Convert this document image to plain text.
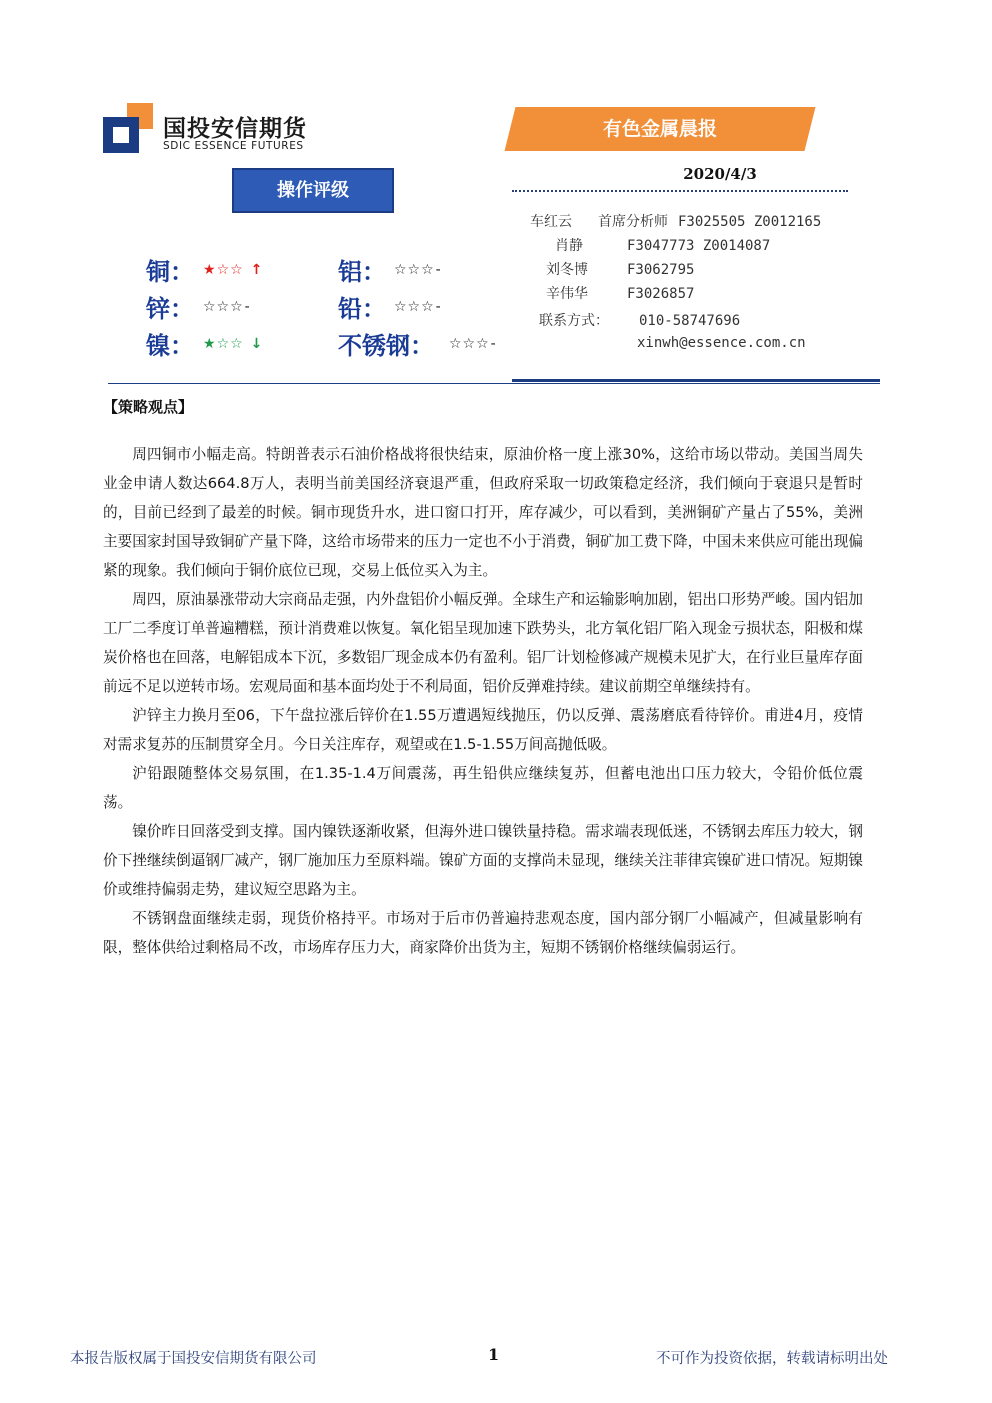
国投安信期货
SDIC ESSENCE FUTURES
有色金属晨报
2020/4/3
操作评级
铜： ★☆☆ ↑	铝： ☆☆☆-
锌： ☆☆☆-	铅： ☆☆☆-
镍： ★☆☆ ↓	不锈钢： ☆☆☆-
车红云 首席分析师 F3025505 Z0012165
肖静	F3047773 Z0014087
刘冬博	F3062795
辛伟华	F3026857
联系方式： 010-58747696
xinwh@essence.com.cn
【策略观点】

周四铜市小幅走高。特朗普表示石油价格战将很快结束，原油价格一度上涨30%，这给市场以带动。美国当周失业金申请人数达664.8万人，表明当前美国经济衰退严重，但政府采取一切政策稳定经济，我们倾向于衰退只是暂时的，目前已经到了最差的时候。铜市现货升水，进口窗口打开，库存减少，可以看到，美洲铜矿产量占了55%，美洲主要国家封国导致铜矿产量下降，这给市场带来的压力一定也不小于消费，铜矿加工费下降，中国未来供应可能出现偏紧的现象。我们倾向于铜价底位已现，交易上低位买入为主。

周四，原油暴涨带动大宗商品走强，内外盘铝价小幅反弹。全球生产和运输影响加剧，铝出口形势严峻。国内铝加工厂二季度订单普遍糟糕，预计消费难以恢复。氧化铝呈现加速下跌势头，北方氧化铝厂陷入现金亏损状态，阳极和煤炭价格也在回落，电解铝成本下沉，多数铝厂现金成本仍有盈利。铝厂计划检修减产规模未见扩大，在行业巨量库存面前远不足以逆转市场。宏观局面和基本面均处于不利局面，铝价反弹难持续。建议前期空单继续持有。

沪锌主力换月至06，下午盘拉涨后锌价在1.55万遭遇短线抛压，仍以反弹、震荡磨底看待锌价。甫进4月，疫情对需求复苏的压制贯穿全月。今日关注库存，观望或在1.5-1.55万间高抛低吸。

沪铅跟随整体交易氛围，在1.35-1.4万间震荡，再生铅供应继续复苏，但蓄电池出口压力较大，令铅价低位震荡。

镍价昨日回落受到支撑。国内镍铁逐渐收紧，但海外进口镍铁量持稳。需求端表现低迷，不锈钢去库压力较大，钢价下挫继续倒逼钢厂减产，钢厂施加压力至原料端。镍矿方面的支撑尚未显现，继续关注菲律宾镍矿进口情况。短期镍价或维持偏弱走势，建议短空思路为主。

不锈钢盘面继续走弱，现货价格持平。市场对于后市仍普遍持悲观态度，国内部分钢厂小幅减产，但减量影响有限，整体供给过剩格局不改，市场库存压力大，商家降价出货为主，短期不锈钢价格继续偏弱运行。

本报告版权属于国投安信期货有限公司	1	不可作为投资依据，转载请标明出处
